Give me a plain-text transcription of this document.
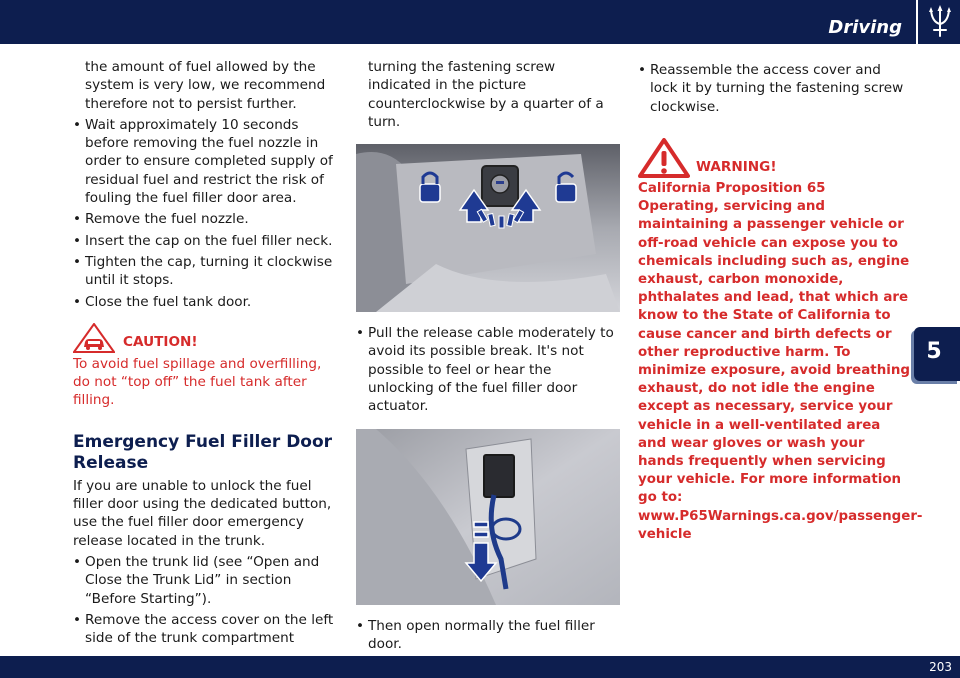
Driving
5
203
the amount of fuel allowed by the system is very low, we recommend therefore not to persist further.
• Wait approximately 10 seconds before removing the fuel nozzle in order to ensure completed supply of residual fuel and restrict the risk of fouling the fuel filler door area.
• Remove the fuel nozzle.
• Insert the cap on the fuel filler neck.
• Tighten the cap, turning it clockwise until it stops.
• Close the fuel tank door.
CAUTION!
To avoid fuel spillage and overfilling, do not “top off” the fuel tank after filling.
Emergency Fuel Filler Door Release

If you are unable to unlock the fuel filler door using the dedicated button, use the fuel filler door emergency release located in the trunk.

• Open the trunk lid (see “Open and Close the Trunk Lid” in section “Before Starting”).
• Remove the access cover on the left side of the trunk compartment
turning the fastening screw indicated in the picture counterclockwise by a quarter of a turn.
• Pull the release cable moderately to avoid its possible break. It's not possible to feel or hear the unlocking of the fuel filler door actuator.
• Then open normally the fuel filler door.
• Reassemble the access cover and lock it by turning the fastening screw clockwise.
WARNING!
California Proposition 65 Operating, servicing and maintaining a passenger vehicle or off-road vehicle can expose you to chemicals including such as, engine exhaust, carbon monoxide, phthalates and lead, that which are know to the State of California to cause cancer and birth defects or other reproductive harm. To minimize exposure, avoid breathing exhaust, do not idle the engine except as necessary, service your vehicle in a well-ventilated area and wear gloves or wash your hands frequently when servicing your vehicle. For more information go to: www.P65Warnings.ca.gov/passenger-vehicle
